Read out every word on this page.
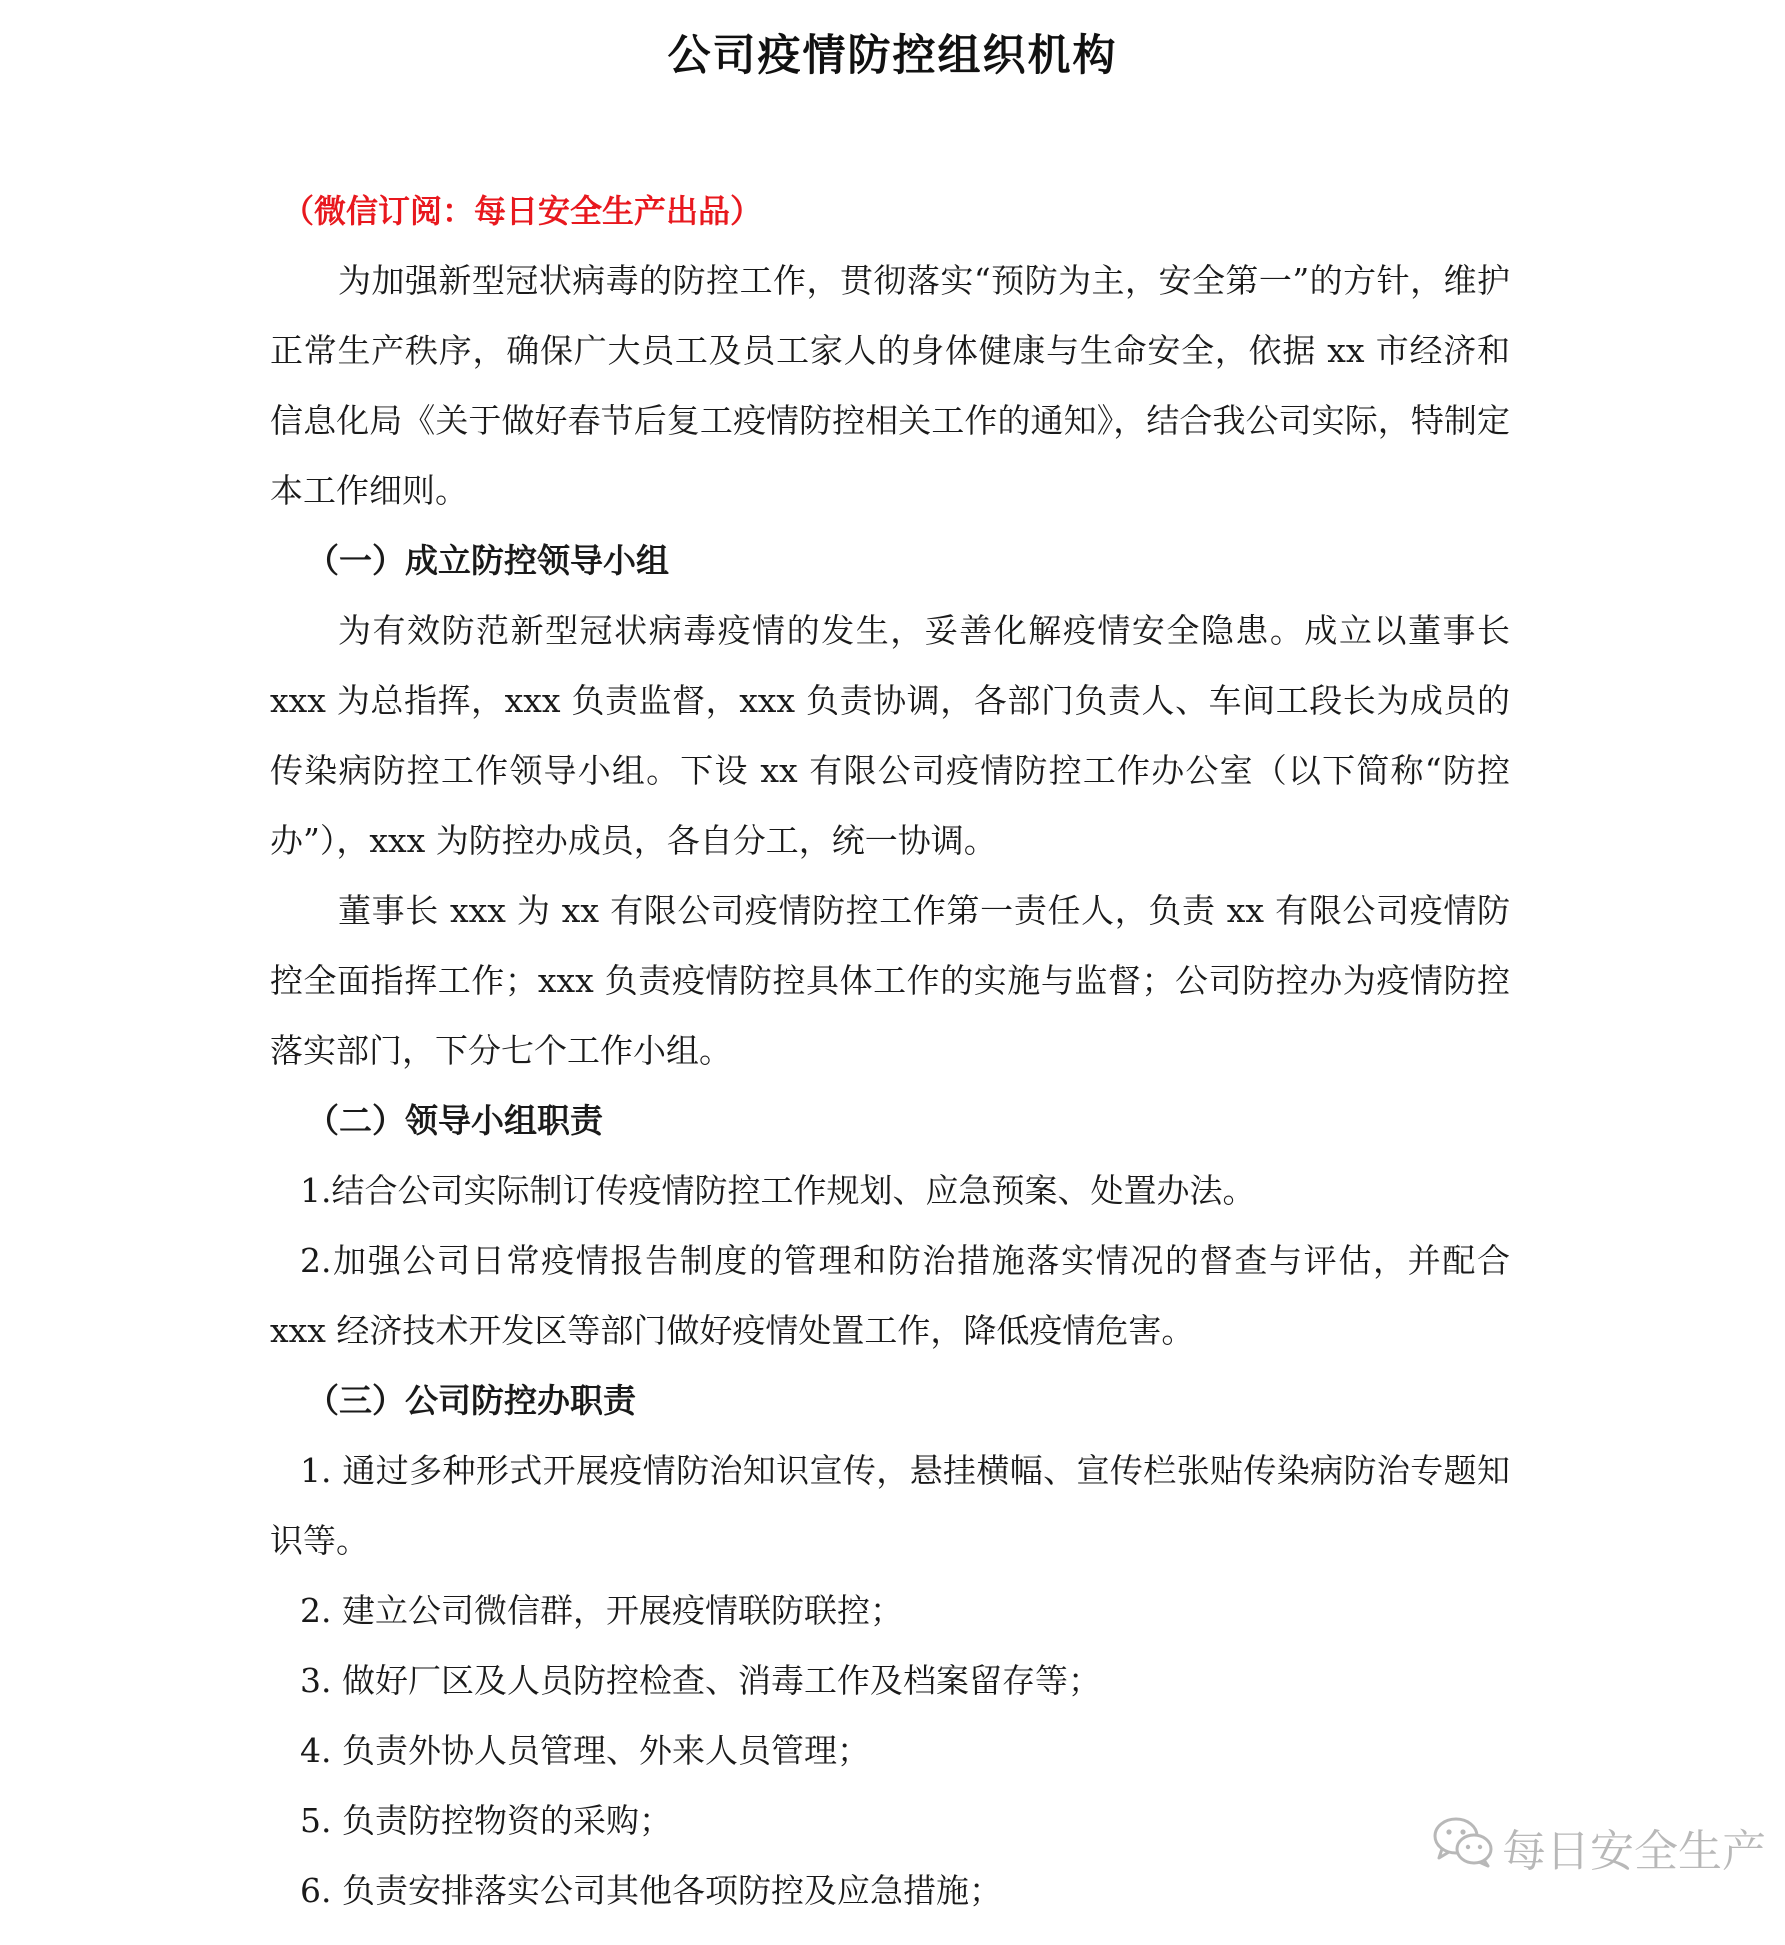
公司疫情防控组织机构
（微信订阅：每日安全生产出品）

为加强新型冠状病毒的防控工作，贯彻落实“预防为主，安全第一”的方针，维护正常生产秩序，确保广大员工及员工家人的身体健康与生命安全，依据 xx 市经济和信息化局《关于做好春节后复工疫情防控相关工作的通知》，结合我公司实际，特制定本工作细则。

（一）成立防控领导小组

为有效防范新型冠状病毒疫情的发生，妥善化解疫情安全隐患。成立以董事长 xxx 为总指挥，xxx 负责监督，xxx 负责协调，各部门负责人、车间工段长为成员的传染病防控工作领导小组。下设 xx 有限公司疫情防控工作办公室（以下简称“防控办”），xxx 为防控办成员，各自分工，统一协调。

董事长 xxx 为 xx 有限公司疫情防控工作第一责任人，负责 xx 有限公司疫情防控全面指挥工作；xxx 负责疫情防控具体工作的实施与监督；公司防控办为疫情防控落实部门，下分七个工作小组。

（二）领导小组职责

1.结合公司实际制订传疫情防控工作规划、应急预案、处置办法。

2.加强公司日常疫情报告制度的管理和防治措施落实情况的督查与评估，并配合 xxx 经济技术开发区等部门做好疫情处置工作，降低疫情危害。

（三）公司防控办职责

1. 通过多种形式开展疫情防治知识宣传，悬挂横幅、宣传栏张贴传染病防治专题知识等。

2. 建立公司微信群，开展疫情联防联控；

3. 做好厂区及人员防控检查、消毒工作及档案留存等；

4. 负责外协人员管理、外来人员管理；

5. 负责防控物资的采购；

6. 负责安排落实公司其他各项防控及应急措施；

每日安全生产
